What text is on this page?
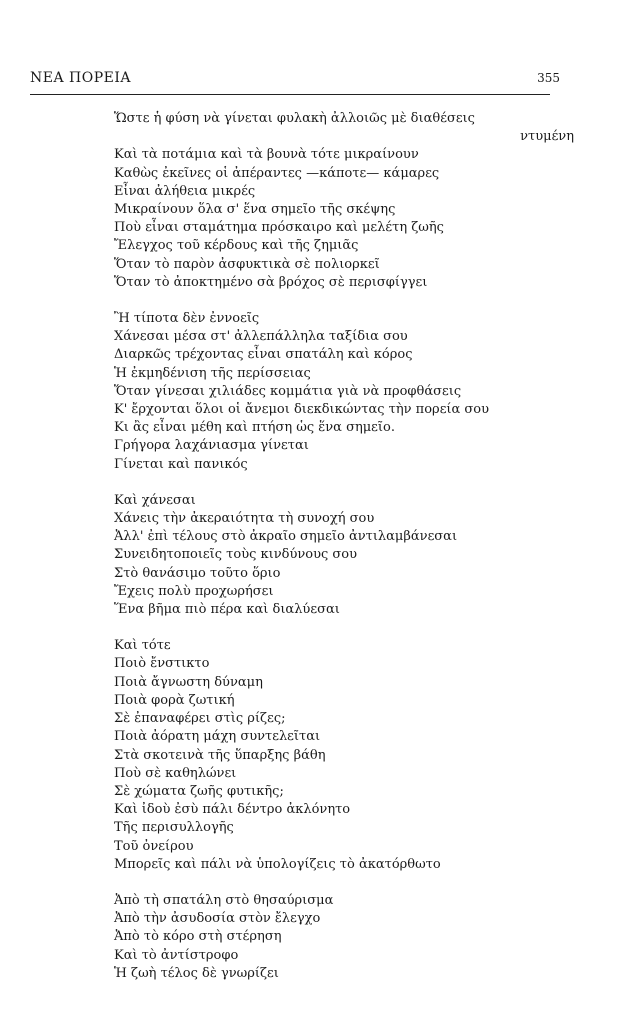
ΝΕΑ ΠΟΡΕΙΑ	355
Ὥστε ἡ φύση νὰ γίνεται φυλακὴ ἀλλοιῶς μὲ διαθέσεις
ντυμένη
Καὶ τὰ ποτάμια καὶ τὰ βουνὰ τότε μικραίνουν
Καθὼς ἐκεῖνες οἱ ἀπέραντες —κάποτε— κάμαρες
Εἶναι ἀλήθεια μικρές
Μικραίνουν ὅλα σ' ἕνα σημεῖο τῆς σκέψης
Ποὺ εἶναι σταμάτημα πρόσκαιρο καὶ μελέτη ζωῆς
Ἔλεγχος τοῦ κέρδους καὶ τῆς ζημιᾶς
Ὅταν τὸ παρὸν ἀσφυκτικὰ σὲ πολιορκεῖ
Ὅταν τὸ ἀποκτημένο σὰ βρόχος σὲ περισφίγγει
Ἢ τίποτα δὲν ἐννοεῖς
Χάνεσαι μέσα στ' ἀλλεπάλληλα ταξίδια σου
Διαρκῶς τρέχοντας εἶναι σπατάλη καὶ κόρος
Ἡ ἐκμηδένιση τῆς περίσσειας
Ὅταν γίνεσαι χιλιάδες κομμάτια γιὰ νὰ προφθάσεις
Κ' ἔρχονται ὅλοι οἱ ἄνεμοι διεκδικώντας τὴν πορεία σου
Κι ἂς εἶναι μέθη καὶ πτήση ὡς ἕνα σημεῖο.
Γρήγορα λαχάνιασμα γίνεται
Γίνεται καὶ πανικός
Καὶ χάνεσαι
Χάνεις τὴν ἀκεραιότητα τὴ συνοχή σου
Ἀλλ' ἐπὶ τέλους στὸ ἀκραῖο σημεῖο ἀντιλαμβάνεσαι
Συνειδητοποιεῖς τοὺς κινδύνους σου
Στὸ θανάσιμο τοῦτο ὅριο
Ἔχεις πολὺ προχωρήσει
Ἕνα βῆμα πιὸ πέρα καὶ διαλύεσαι
Καὶ τότε
Ποιὸ ἔνστικτο
Ποιὰ ἄγνωστη δύναμη
Ποιὰ φορὰ ζωτική
Σὲ ἐπαναφέρει στὶς ρίζες;
Ποιὰ ἀόρατη μάχη συντελεῖται
Στὰ σκοτεινὰ τῆς ὕπαρξης βάθη
Ποὺ σὲ καθηλώνει
Σὲ χώματα ζωῆς φυτικῆς;
Καὶ ἰδοὺ ἐσὺ πάλι δέντρο ἀκλόνητο
Τῆς περισυλλογῆς
Τοῦ ὀνείρου
Μπορεῖς καὶ πάλι νὰ ὑπολογίζεις τὸ ἀκατόρθωτο
Ἀπὸ τὴ σπατάλη στὸ θησαύρισμα
Ἀπὸ τὴν ἀσυδοσία στὸν ἔλεγχο
Ἀπὸ τὸ κόρο στὴ στέρηση
Καὶ τὸ ἀντίστροφο
Ἡ ζωὴ τέλος δὲ γνωρίζει
